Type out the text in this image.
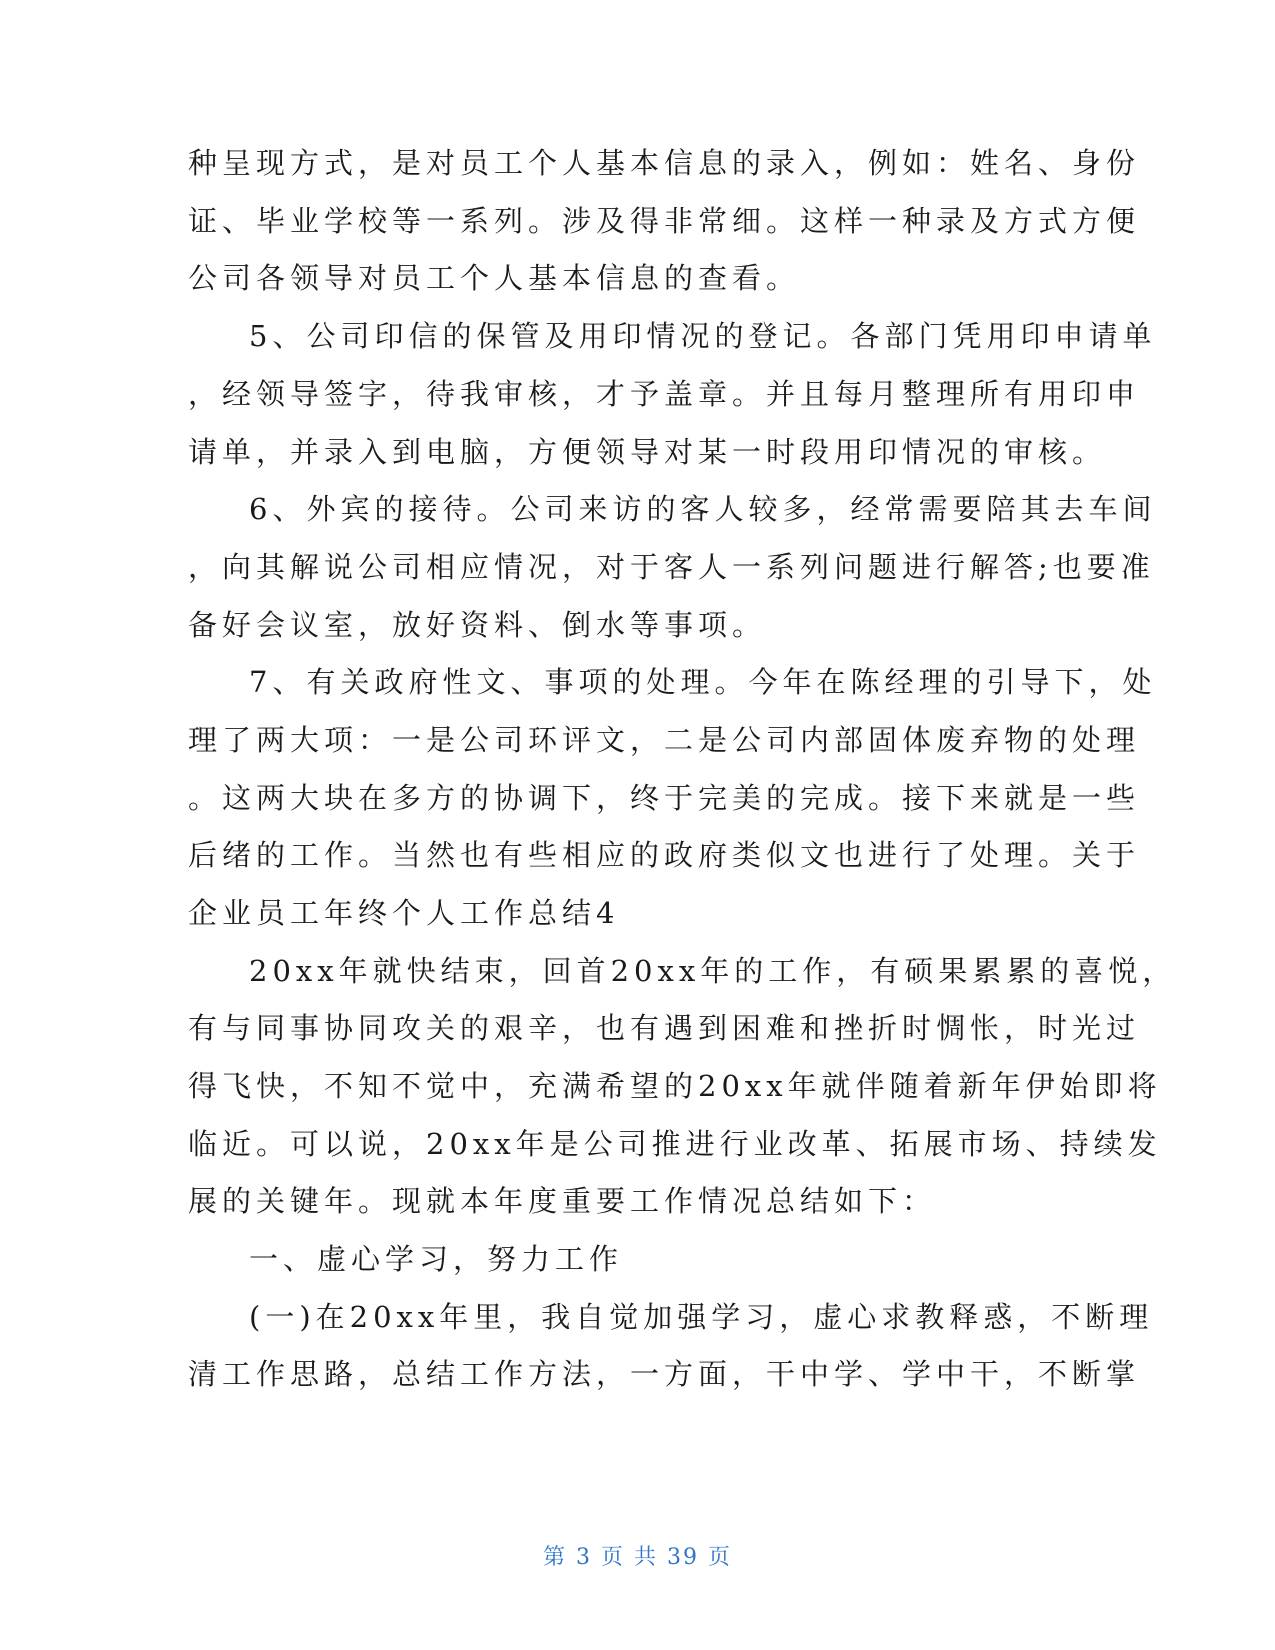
种呈现方式，是对员工个人基本信息的录入，例如：姓名、身份
证、毕业学校等一系列。涉及得非常细。这样一种录及方式方便
公司各领导对员工个人基本信息的查看。
5、公司印信的保管及用印情况的登记。各部门凭用印申请单
，经领导签字，待我审核，才予盖章。并且每月整理所有用印申
请单，并录入到电脑，方便领导对某一时段用印情况的审核。
6、外宾的接待。公司来访的客人较多，经常需要陪其去车间
，向其解说公司相应情况，对于客人一系列问题进行解答;也要准
备好会议室，放好资料、倒水等事项。
7、有关政府性文、事项的处理。今年在陈经理的引导下，处
理了两大项：一是公司环评文，二是公司内部固体废弃物的处理
。这两大块在多方的协调下，终于完美的完成。接下来就是一些
后绪的工作。当然也有些相应的政府类似文也进行了处理。关于
企业员工年终个人工作总结4
20xx年就快结束，回首20xx年的工作，有硕果累累的喜悦，
有与同事协同攻关的艰辛，也有遇到困难和挫折时惆怅，时光过
得飞快，不知不觉中，充满希望的20xx年就伴随着新年伊始即将
临近。可以说，20xx年是公司推进行业改革、拓展市场、持续发
展的关键年。现就本年度重要工作情况总结如下：
一、虚心学习，努力工作
(一)在20xx年里，我自觉加强学习，虚心求教释惑，不断理
清工作思路，总结工作方法，一方面，干中学、学中干，不断掌
第 3 页 共 39 页
